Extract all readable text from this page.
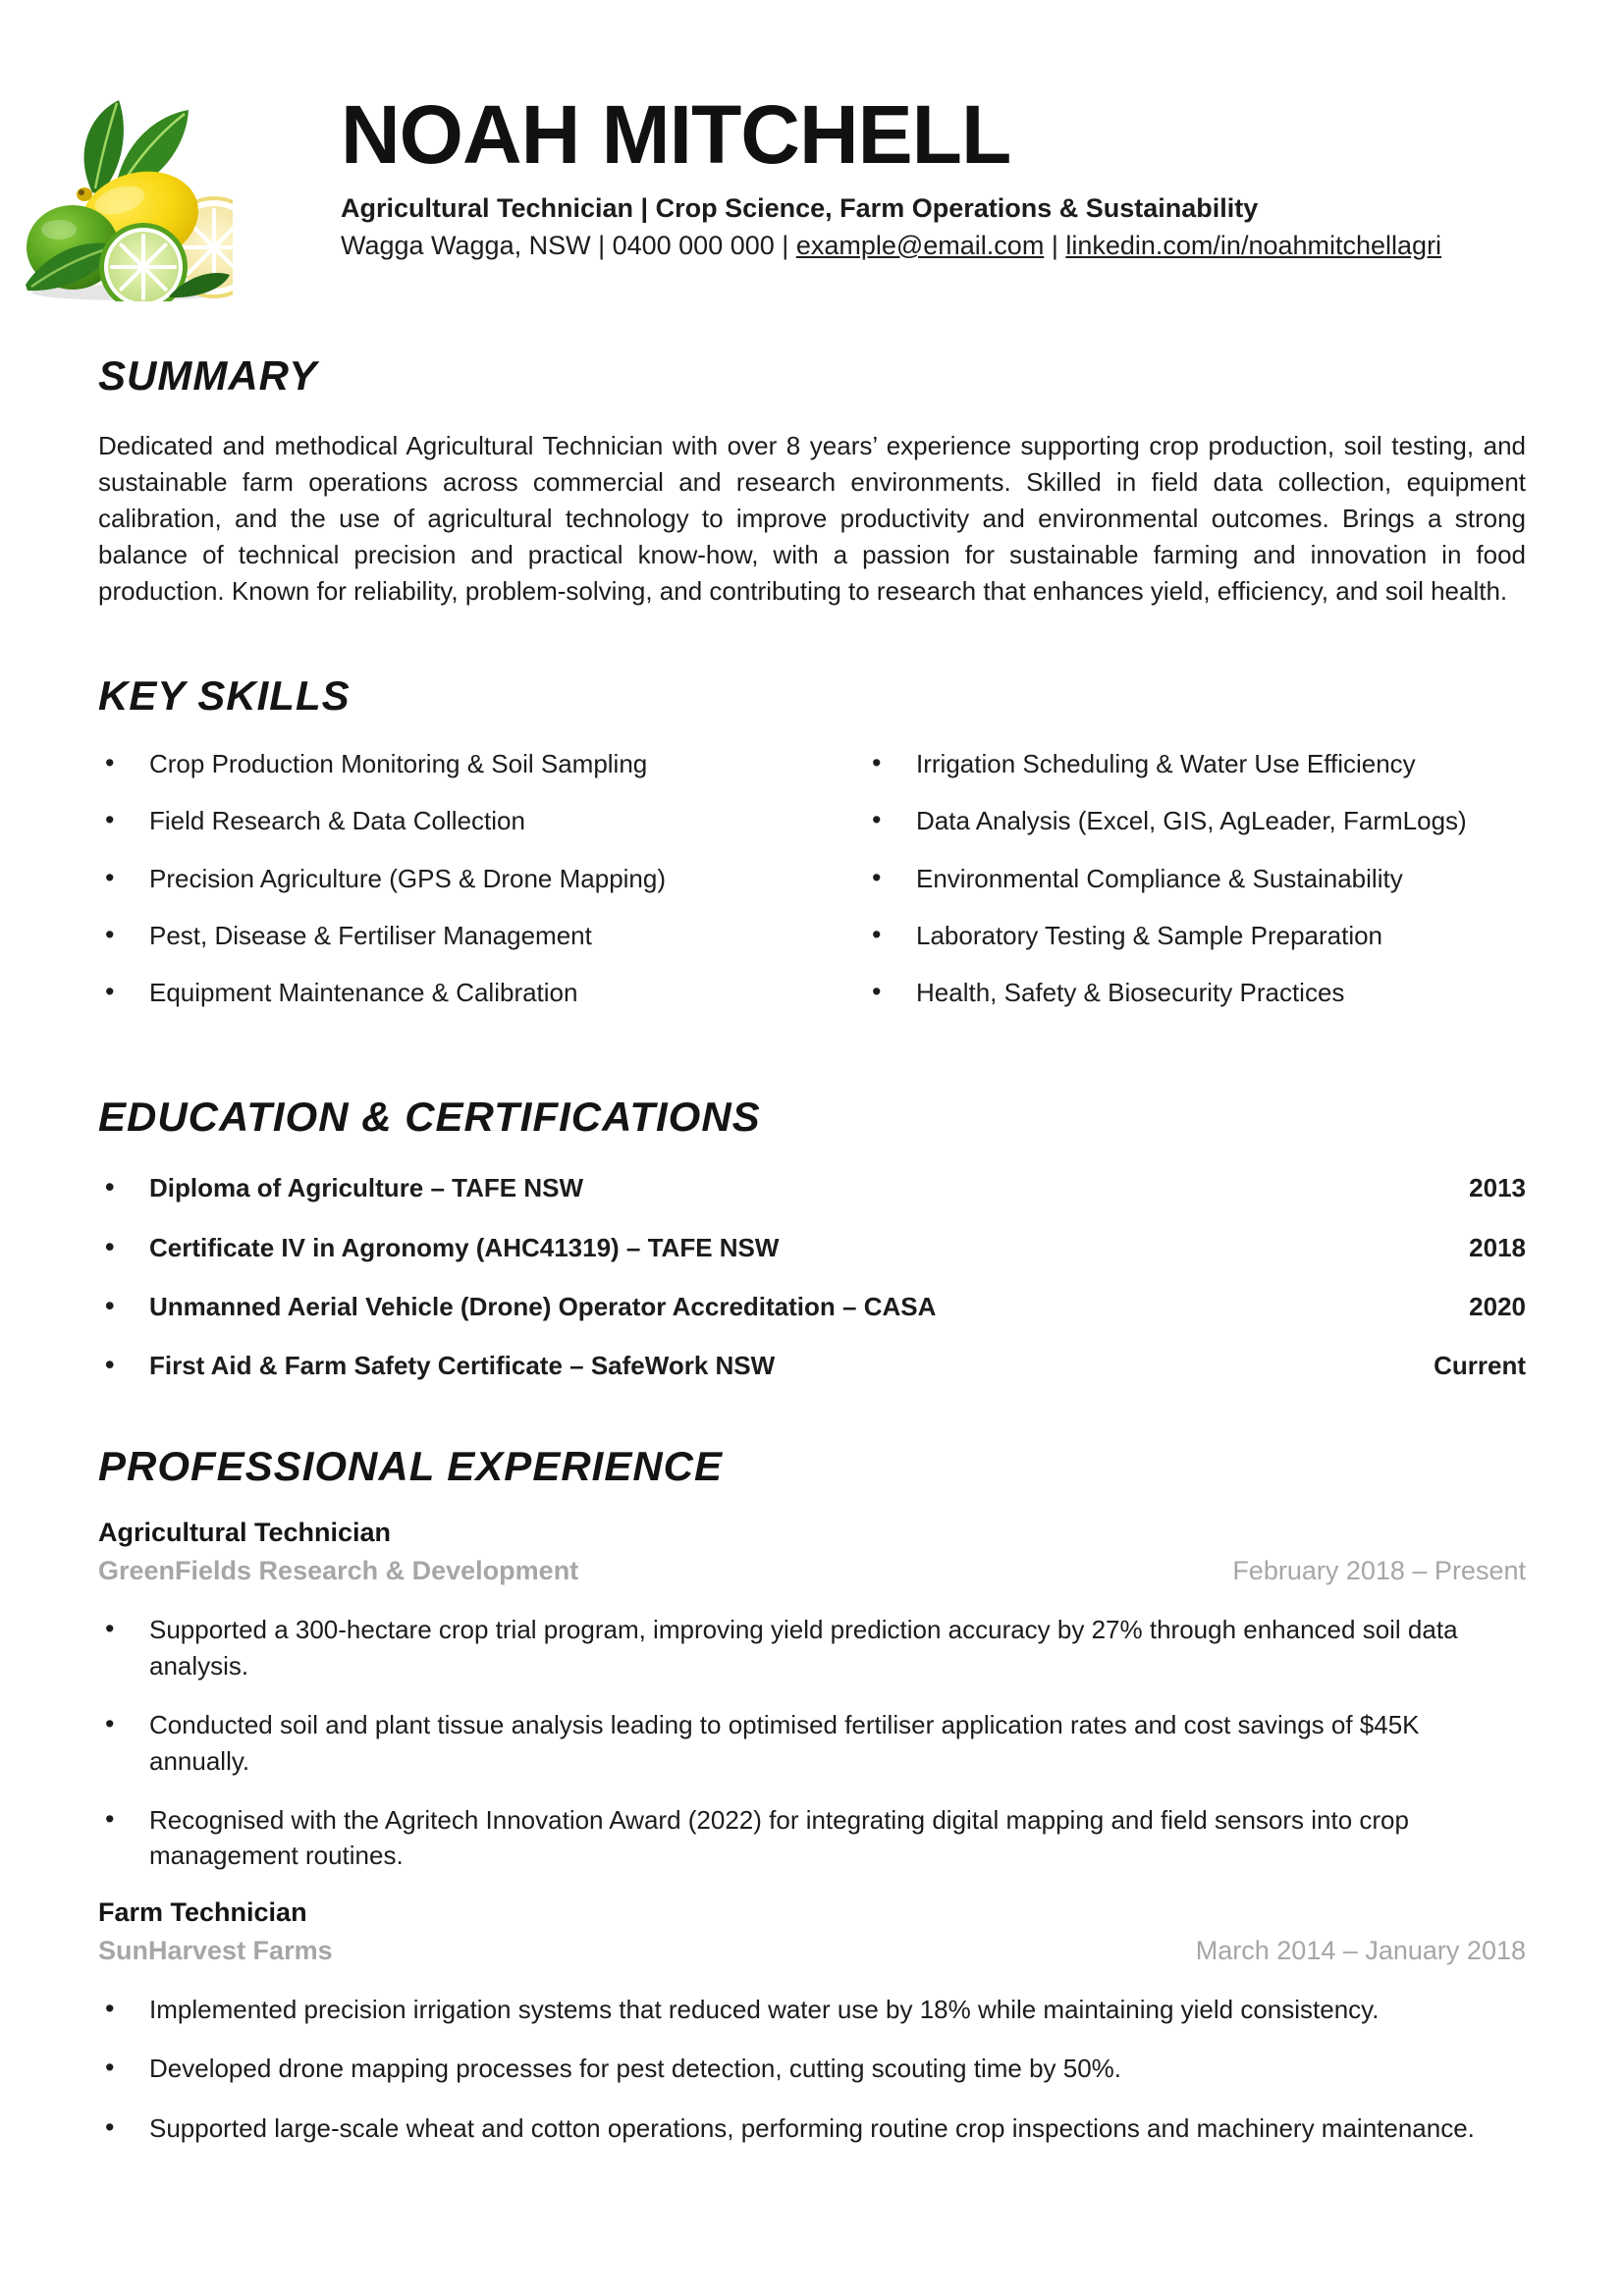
NOAH MITCHELL
Agricultural Technician | Crop Science, Farm Operations & Sustainability
Wagga Wagga, NSW | 0400 000 000 | example@email.com | linkedin.com/in/noahmitchellagri
SUMMARY

Dedicated and methodical Agricultural Technician with over 8 years’ experience supporting crop production, soil testing, and sustainable farm operations across commercial and research environments. Skilled in field data collection, equipment calibration, and the use of agricultural technology to improve productivity and environmental outcomes. Brings a strong balance of technical precision and practical know-how, with a passion for sustainable farming and innovation in food production. Known for reliability, problem-solving, and contributing to research that enhances yield, efficiency, and soil health.

KEY SKILLS
• Crop Production Monitoring & Soil Sampling
• Field Research & Data Collection
• Precision Agriculture (GPS & Drone Mapping)
• Pest, Disease & Fertiliser Management
• Equipment Maintenance & Calibration
• Irrigation Scheduling & Water Use Efficiency
• Data Analysis (Excel, GIS, AgLeader, FarmLogs)
• Environmental Compliance & Sustainability
• Laboratory Testing & Sample Preparation
• Health, Safety & Biosecurity Practices
EDUCATION & CERTIFICATIONS
• Diploma of Agriculture – TAFE NSW	2013
• Certificate IV in Agronomy (AHC41319) – TAFE NSW	2018
• Unmanned Aerial Vehicle (Drone) Operator Accreditation – CASA	2020
• First Aid & Farm Safety Certificate – SafeWork NSW	Current
PROFESSIONAL EXPERIENCE
Agricultural Technician
GreenFields Research & Development	February 2018 – Present
• Supported a 300-hectare crop trial program, improving yield prediction accuracy by 27% through enhanced soil data analysis.
• Conducted soil and plant tissue analysis leading to optimised fertiliser application rates and cost savings of $45K annually.
• Recognised with the Agritech Innovation Award (2022) for integrating digital mapping and field sensors into crop management routines.
Farm Technician
SunHarvest Farms	March 2014 – January 2018
• Implemented precision irrigation systems that reduced water use by 18% while maintaining yield consistency.
• Developed drone mapping processes for pest detection, cutting scouting time by 50%.
• Supported large-scale wheat and cotton operations, performing routine crop inspections and machinery maintenance.
